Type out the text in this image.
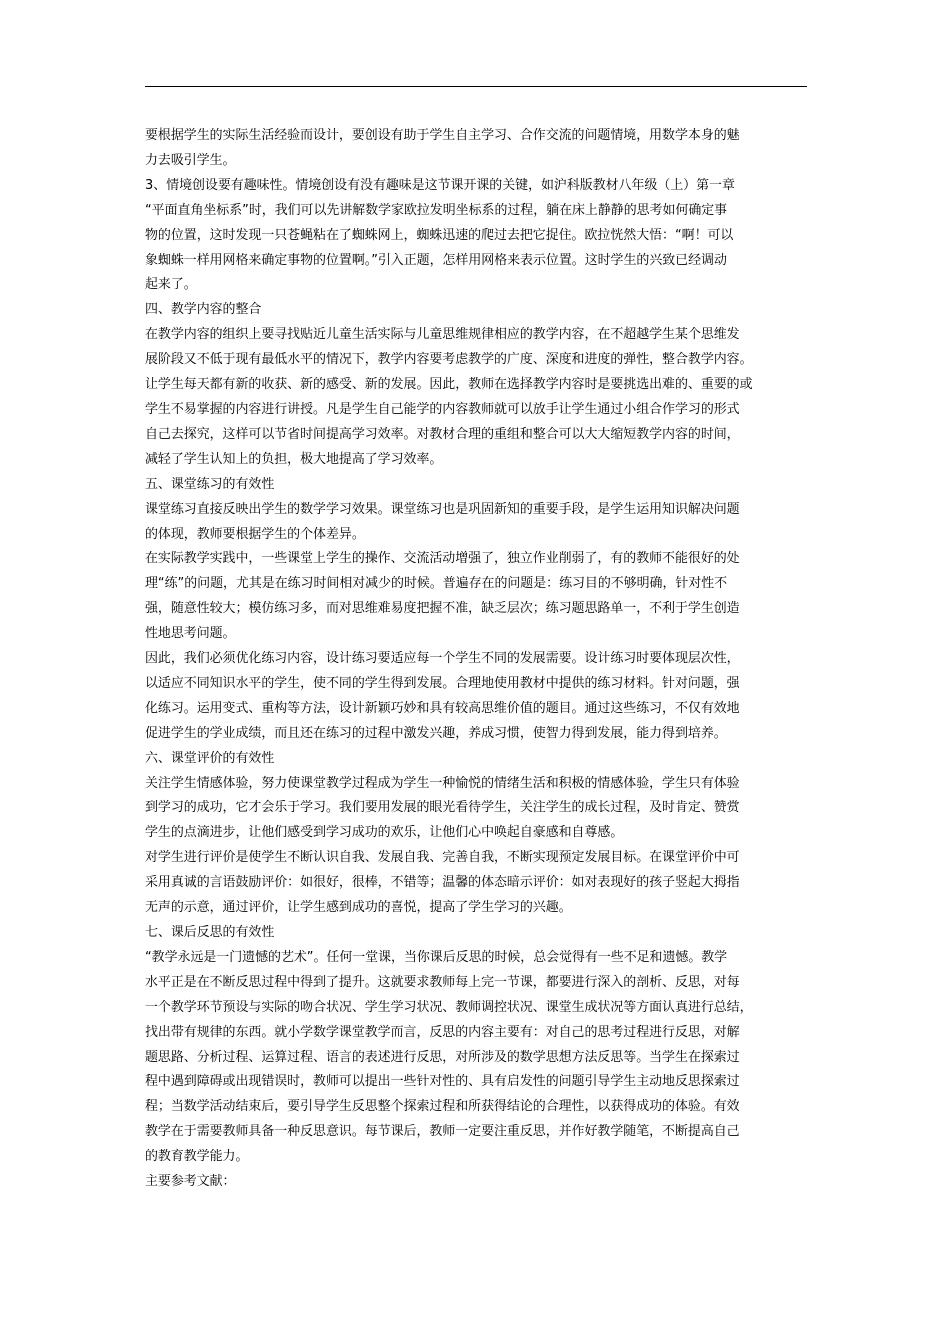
要根据学生的实际生活经验而设计，要创设有助于学生自主学习、合作交流的问题情境，用数学本身的魅

力去吸引学生。

3、情境创设要有趣味性。情境创设有没有趣味是这节课开课的关键，如沪科版教材八年级（上）第一章

“平面直角坐标系”时，我们可以先讲解数学家欧拉发明坐标系的过程，躺在床上静静的思考如何确定事

物的位置，这时发现一只苍蝇粘在了蜘蛛网上，蜘蛛迅速的爬过去把它捉住。欧拉恍然大悟：“啊！可以

象蜘蛛一样用网格来确定事物的位置啊。”引入正题，怎样用网格来表示位置。这时学生的兴致已经调动

起来了。

四、教学内容的整合

在教学内容的组织上要寻找贴近儿童生活实际与儿童思维规律相应的教学内容，在不超越学生某个思维发

展阶段又不低于现有最低水平的情况下，教学内容要考虑教学的广度、深度和进度的弹性，整合教学内容。

让学生每天都有新的收获、新的感受、新的发展。因此，教师在选择教学内容时是要挑选出难的、重要的或

学生不易掌握的内容进行讲授。凡是学生自己能学的内容教师就可以放手让学生通过小组合作学习的形式

自己去探究，这样可以节省时间提高学习效率。对教材合理的重组和整合可以大大缩短教学内容的时间，

减轻了学生认知上的负担，极大地提高了学习效率。

五、课堂练习的有效性

课堂练习直接反映出学生的数学学习效果。课堂练习也是巩固新知的重要手段，是学生运用知识解决问题

的体现，教师要根据学生的个体差异。

在实际教学实践中，一些课堂上学生的操作、交流活动增强了，独立作业削弱了，有的教师不能很好的处

理“练”的问题，尤其是在练习时间相对减少的时候。普遍存在的问题是：练习目的不够明确，针对性不

强，随意性较大；模仿练习多，而对思维难易度把握不准，缺乏层次；练习题思路单一，不利于学生创造

性地思考问题。

因此，我们必须优化练习内容，设计练习要适应每一个学生不同的发展需要。设计练习时要体现层次性，

以适应不同知识水平的学生，使不同的学生得到发展。合理地使用教材中提供的练习材料。针对问题，强

化练习。运用变式、重构等方法，设计新颖巧妙和具有较高思维价值的题目。通过这些练习，不仅有效地

促进学生的学业成绩，而且还在练习的过程中激发兴趣，养成习惯，使智力得到发展，能力得到培养。

六、课堂评价的有效性

关注学生情感体验，努力使课堂教学过程成为学生一种愉悦的情绪生活和积极的情感体验，学生只有体验

到学习的成功，它才会乐于学习。我们要用发展的眼光看待学生，关注学生的成长过程，及时肯定、赞赏

学生的点滴进步，让他们感受到学习成功的欢乐，让他们心中唤起自豪感和自尊感。

对学生进行评价是使学生不断认识自我、发展自我、完善自我，不断实现预定发展目标。在课堂评价中可

采用真诚的言语鼓励评价：如很好，很棒，不错等；温馨的体态暗示评价：如对表现好的孩子竖起大拇指

无声的示意，通过评价，让学生感到成功的喜悦，提高了学生学习的兴趣。

七、课后反思的有效性

“教学永远是一门遗憾的艺术”。任何一堂课，当你课后反思的时候，总会觉得有一些不足和遗憾。教学

水平正是在不断反思过程中得到了提升。这就要求教师每上完一节课，都要进行深入的剖析、反思，对每

一个教学环节预设与实际的吻合状况、学生学习状况、教师调控状况、课堂生成状况等方面认真进行总结，

找出带有规律的东西。就小学数学课堂教学而言，反思的内容主要有：对自己的思考过程进行反思，对解

题思路、分析过程、运算过程、语言的表述进行反思，对所涉及的数学思想方法反思等。当学生在探索过

程中遇到障碍或出现错误时，教师可以提出一些针对性的、具有启发性的问题引导学生主动地反思探索过

程；当数学活动结束后，要引导学生反思整个探索过程和所获得结论的合理性，以获得成功的体验。有效

教学在于需要教师具备一种反思意识。每节课后，教师一定要注重反思，并作好教学随笔，不断提高自己

的教育教学能力。

主要参考文献：
